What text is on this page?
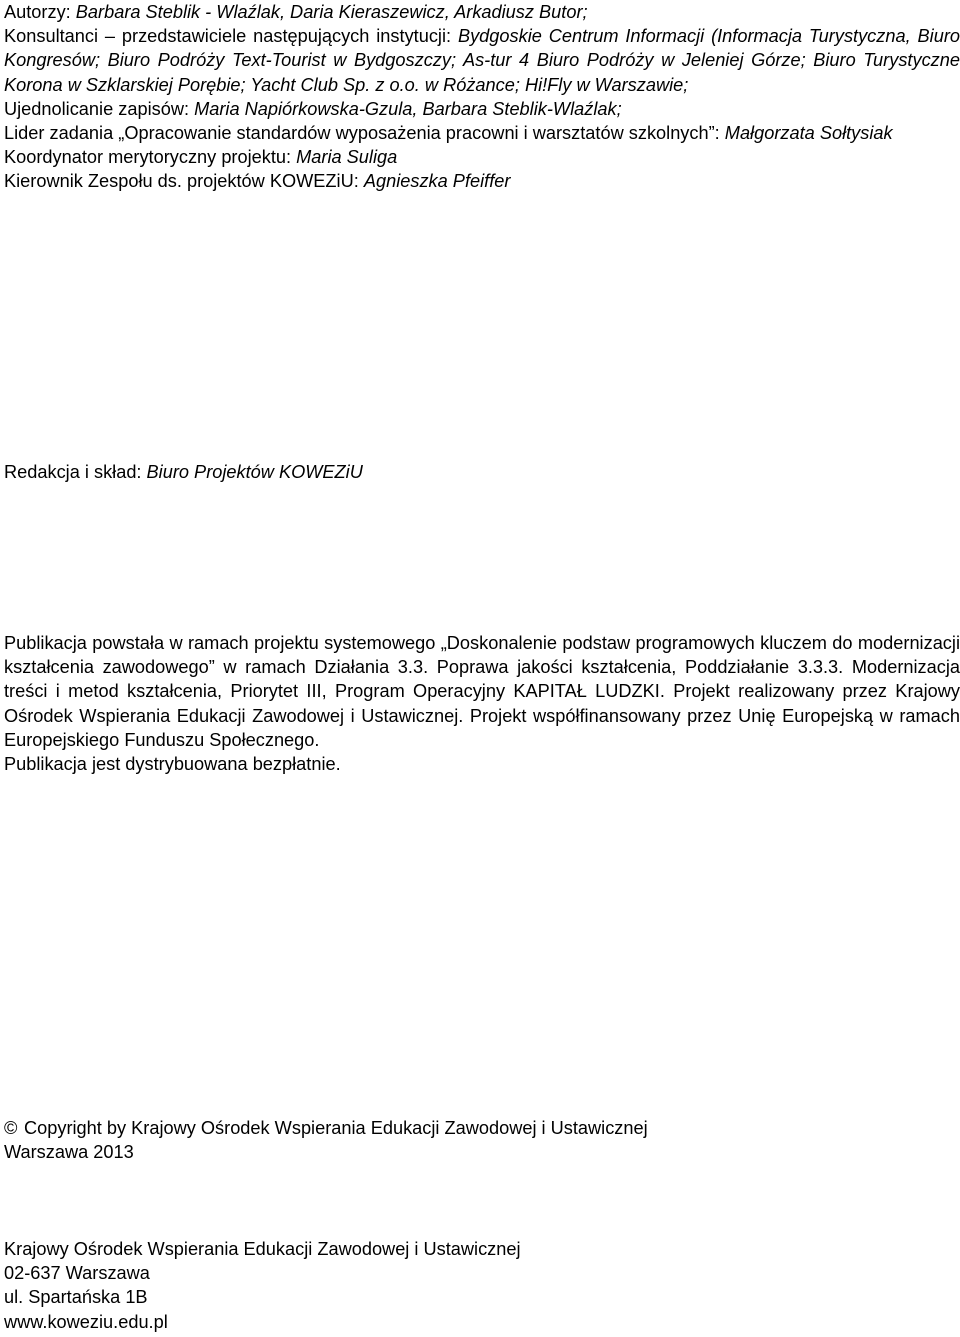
Autorzy: Barbara Steblik - Wlaźlak, Daria Kieraszewicz, Arkadiusz Butor;

Konsultanci – przedstawiciele następujących instytucji: Bydgoskie Centrum Informacji (Informacja Turystyczna, Biuro Kongresów; Biuro Podróży Text-Tourist w Bydgoszczy; As-tur 4 Biuro Podróży w Jeleniej Górze; Biuro Turystyczne Korona w Szklarskiej Porębie; Yacht Club Sp. z o.o. w Różance; Hi!Fly w Warszawie;

Ujednolicanie zapisów: Maria Napiórkowska-Gzula, Barbara Steblik-Wlaźlak;

Lider zadania „Opracowanie standardów wyposażenia pracowni i warsztatów szkolnych”: Małgorzata Sołtysiak

Koordynator merytoryczny projektu: Maria Suliga

Kierownik Zespołu ds. projektów KOWEZiU: Agnieszka Pfeiffer

Redakcja i skład: Biuro Projektów KOWEZiU

Publikacja powstała w ramach projektu systemowego „Doskonalenie podstaw programowych kluczem do modernizacji kształcenia zawodowego” w ramach Działania 3.3. Poprawa jakości kształcenia, Poddziałanie 3.3.3. Modernizacja treści i metod kształcenia, Priorytet III, Program Operacyjny KAPITAŁ LUDZKI. Projekt realizowany przez Krajowy Ośrodek Wspierania Edukacji Zawodowej i Ustawicznej. Projekt współfinansowany przez Unię Europejską w ramach Europejskiego Funduszu Społecznego.

Publikacja jest dystrybuowana bezpłatnie.

© Copyright by Krajowy Ośrodek Wspierania Edukacji Zawodowej i Ustawicznej

Warszawa 2013

Krajowy Ośrodek Wspierania Edukacji Zawodowej i Ustawicznej

02-637 Warszawa

ul. Spartańska 1B

www.koweziu.edu.pl
